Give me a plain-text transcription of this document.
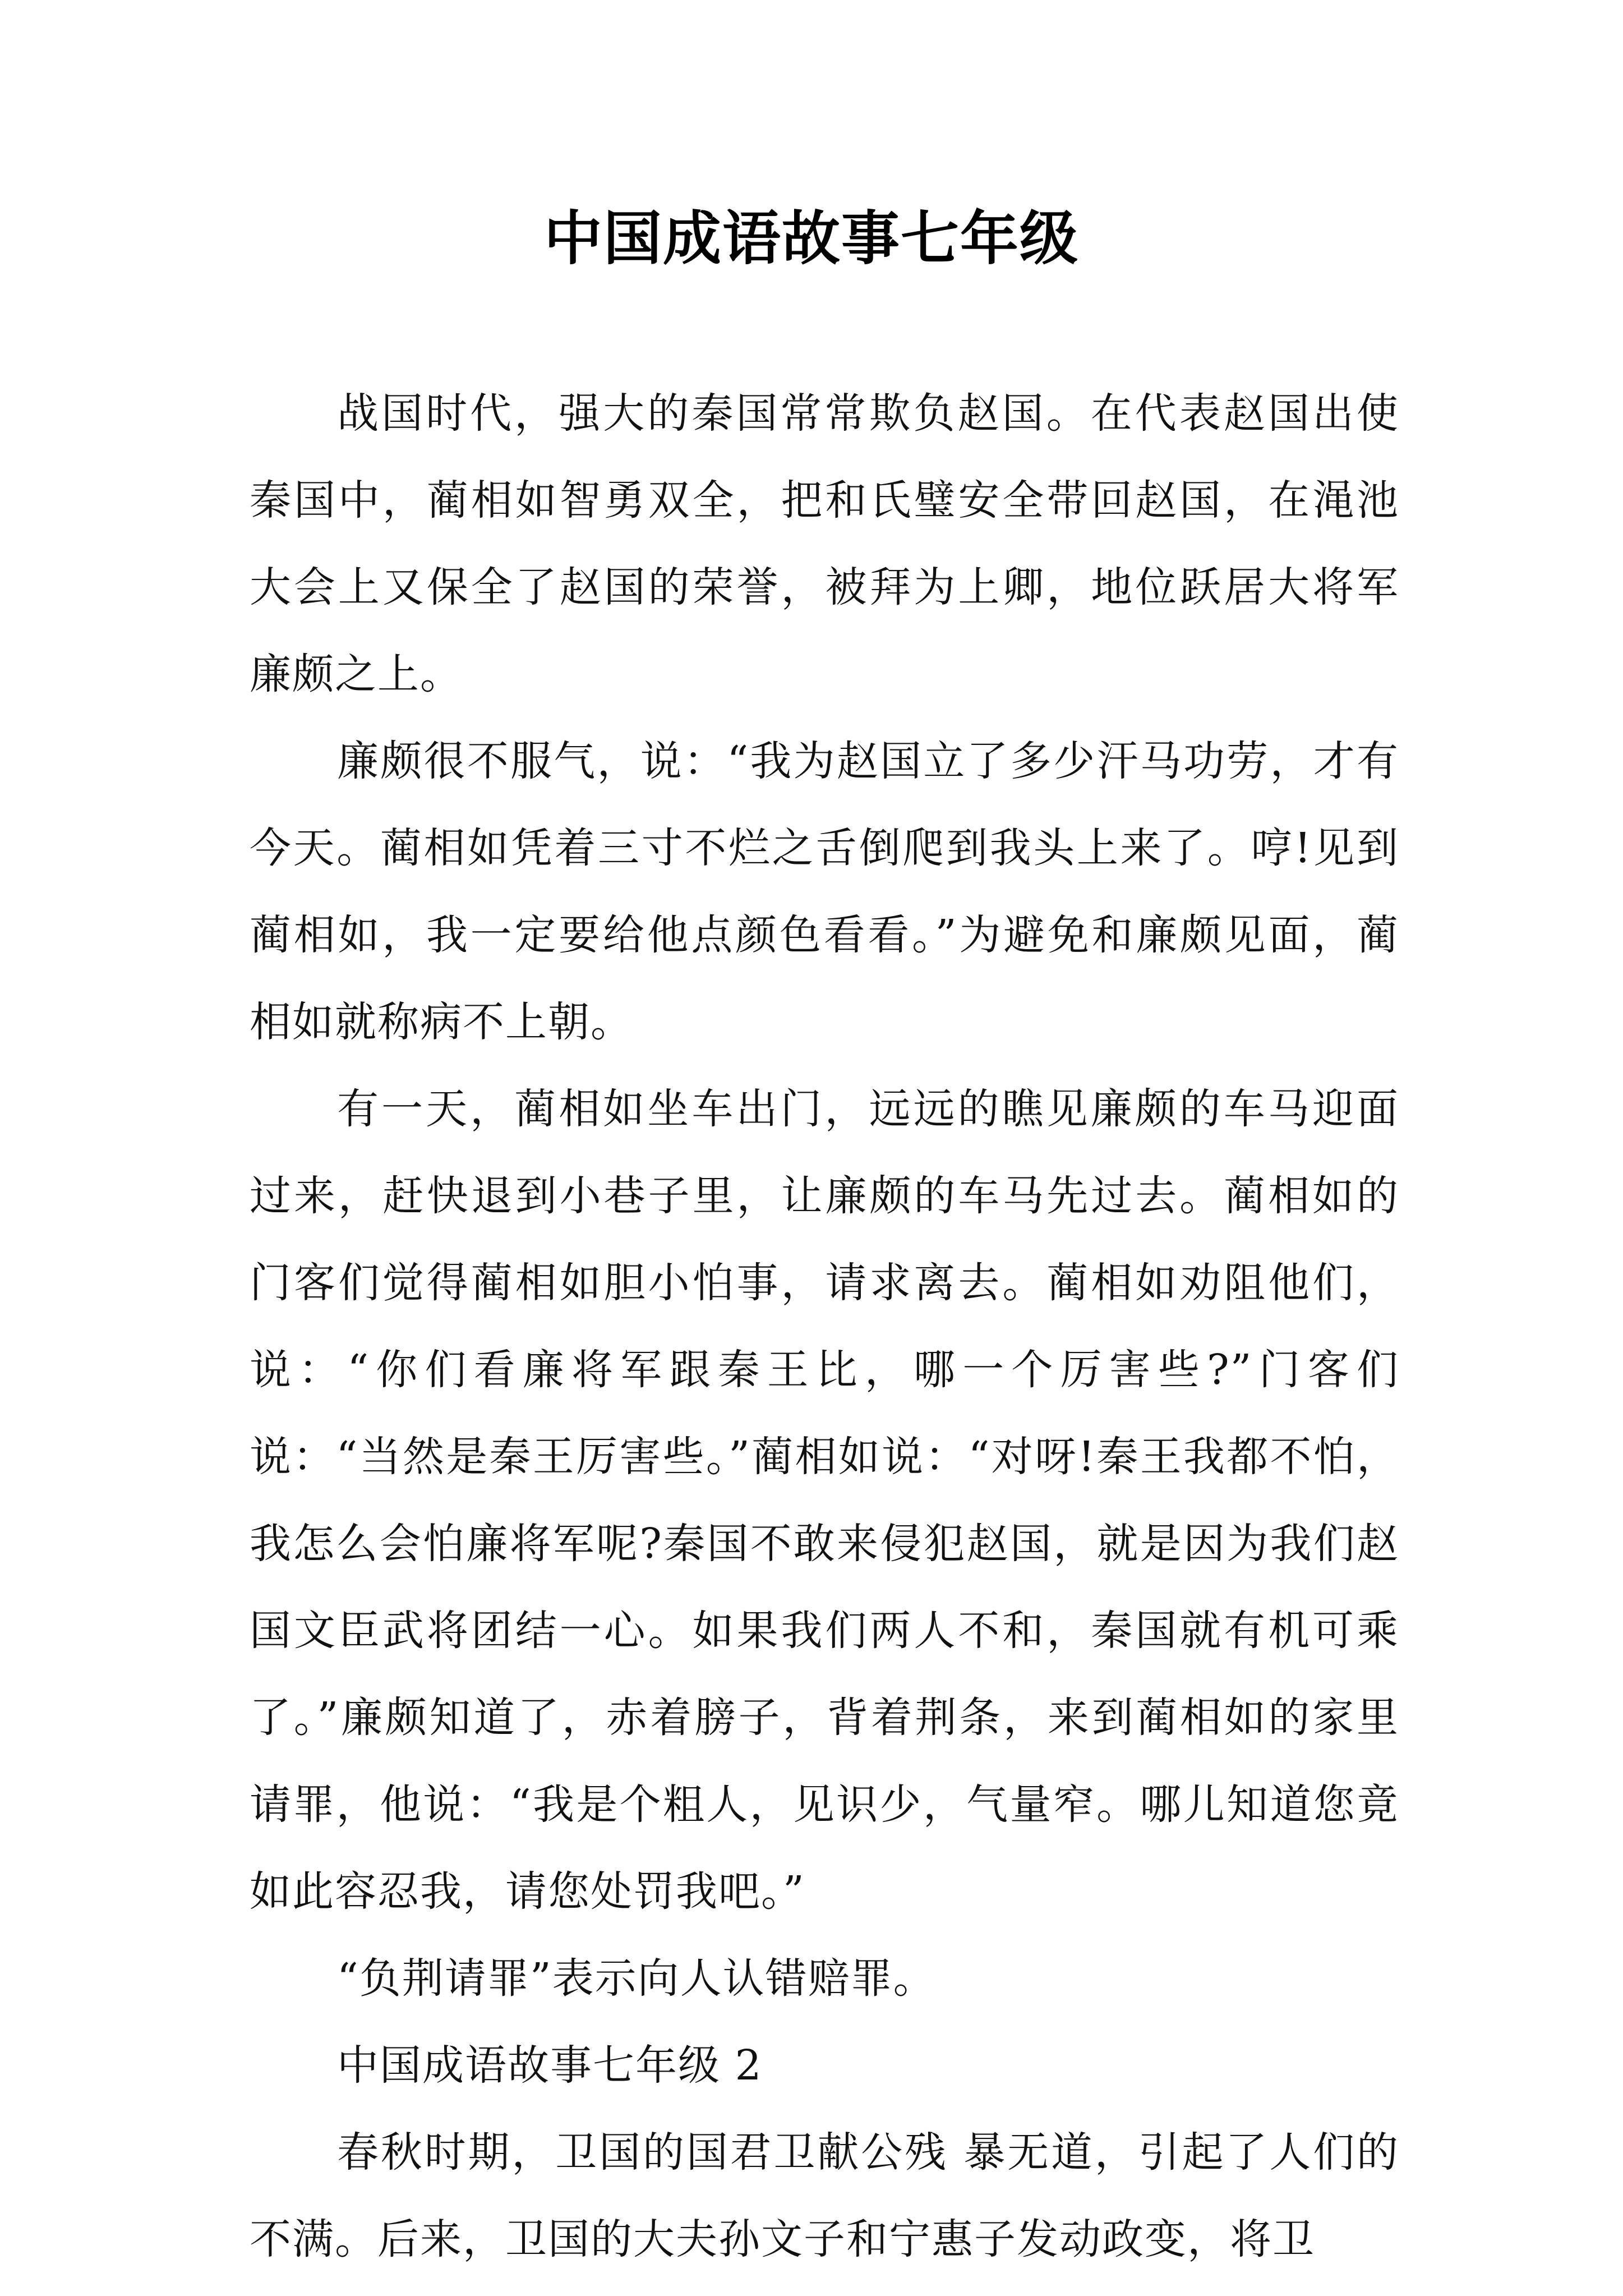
中国成语故事七年级

战国时代，强大的秦国常常欺负赵国。在代表赵国出使秦国中，蔺相如智勇双全，把和氏璧安全带回赵国，在渑池大会上又保全了赵国的荣誉，被拜为上卿，地位跃居大将军廉颇之上。

廉颇很不服气，说：“我为赵国立了多少汗马功劳，才有今天。蔺相如凭着三寸不烂之舌倒爬到我头上来了。哼!见到蔺相如，我一定要给他点颜色看看。”为避免和廉颇见面，蔺相如就称病不上朝。

有一天，蔺相如坐车出门，远远的瞧见廉颇的车马迎面过来，赶快退到小巷子里，让廉颇的车马先过去。蔺相如的门客们觉得蔺相如胆小怕事，请求离去。蔺相如劝阻他们，说：“你们看廉将军跟秦王比，哪一个厉害些?”门客们说：“当然是秦王厉害些。”蔺相如说：“对呀!秦王我都不怕，我怎么会怕廉将军呢?秦国不敢来侵犯赵国，就是因为我们赵国文臣武将团结一心。如果我们两人不和，秦国就有机可乘了。”廉颇知道了，赤着膀子，背着荆条，来到蔺相如的家里请罪，他说：“我是个粗人，见识少，气量窄。哪儿知道您竟如此容忍我，请您处罚我吧。”

“负荆请罪”表示向人认错赔罪。

中国成语故事七年级 2

春秋时期，卫国的国君卫献公残 暴无道，引起了人们的不满。后来，卫国的大夫孙文子和宁惠子发动政变，将卫
